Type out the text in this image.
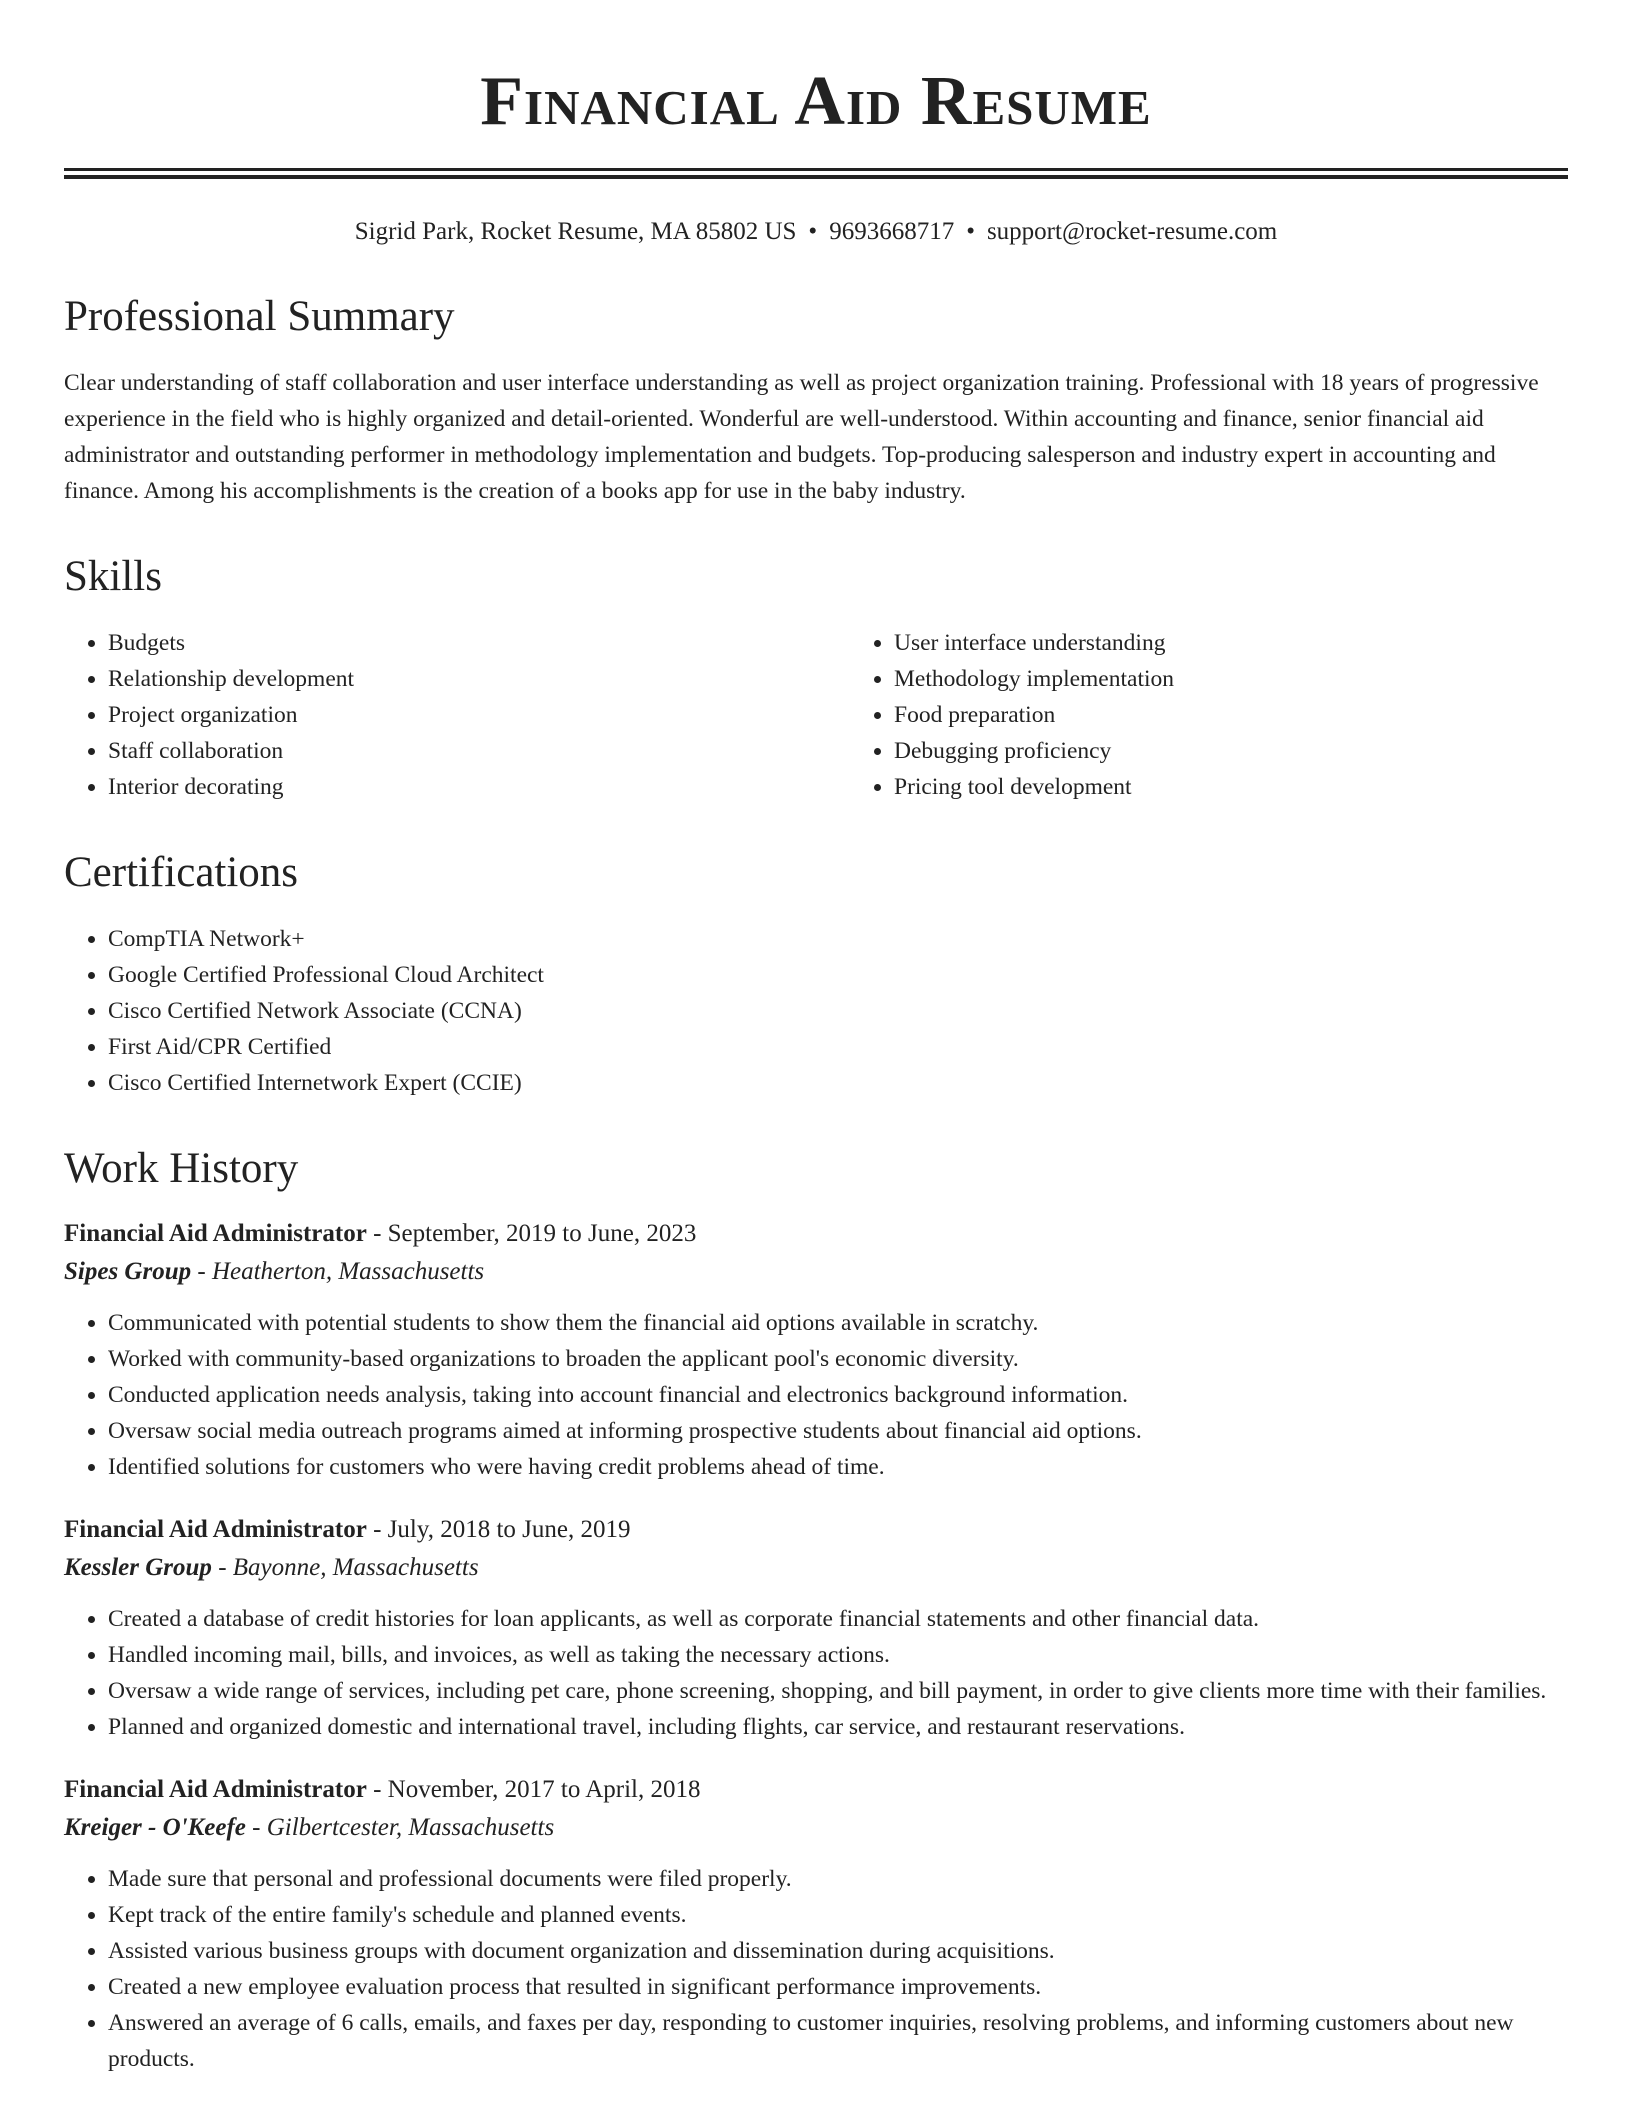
Financial Aid Resume
Sigrid Park, Rocket Resume, MA 85802 US • 9693668717 • support@rocket-resume.com
Professional Summary

Clear understanding of staff collaboration and user interface understanding as well as project organization training. Professional with 18 years of progressive experience in the field who is highly organized and detail-oriented. Wonderful are well-understood. Within accounting and finance, senior financial aid administrator and outstanding performer in methodology implementation and budgets. Top-producing salesperson and industry expert in accounting and finance. Among his accomplishments is the creation of a books app for use in the baby industry.

Skills
• Budgets
• Relationship development
• Project organization
• Staff collaboration
• Interior decorating
• User interface understanding
• Methodology implementation
• Food preparation
• Debugging proficiency
• Pricing tool development
Certifications
• CompTIA Network+
• Google Certified Professional Cloud Architect
• Cisco Certified Network Associate (CCNA)
• First Aid/CPR Certified
• Cisco Certified Internetwork Expert (CCIE)
Work History
Financial Aid Administrator - September, 2019 to June, 2023
Sipes Group - Heatherton, Massachusetts
• Communicated with potential students to show them the financial aid options available in scratchy.
• Worked with community-based organizations to broaden the applicant pool's economic diversity.
• Conducted application needs analysis, taking into account financial and electronics background information.
• Oversaw social media outreach programs aimed at informing prospective students about financial aid options.
• Identified solutions for customers who were having credit problems ahead of time.
Financial Aid Administrator - July, 2018 to June, 2019
Kessler Group - Bayonne, Massachusetts
• Created a database of credit histories for loan applicants, as well as corporate financial statements and other financial data.
• Handled incoming mail, bills, and invoices, as well as taking the necessary actions.
• Oversaw a wide range of services, including pet care, phone screening, shopping, and bill payment, in order to give clients more time with their families.
• Planned and organized domestic and international travel, including flights, car service, and restaurant reservations.
Financial Aid Administrator - November, 2017 to April, 2018
Kreiger - O'Keefe - Gilbertcester, Massachusetts
• Made sure that personal and professional documents were filed properly.
• Kept track of the entire family's schedule and planned events.
• Assisted various business groups with document organization and dissemination during acquisitions.
• Created a new employee evaluation process that resulted in significant performance improvements.
• Answered an average of 6 calls, emails, and faxes per day, responding to customer inquiries, resolving problems, and informing customers about new products.
